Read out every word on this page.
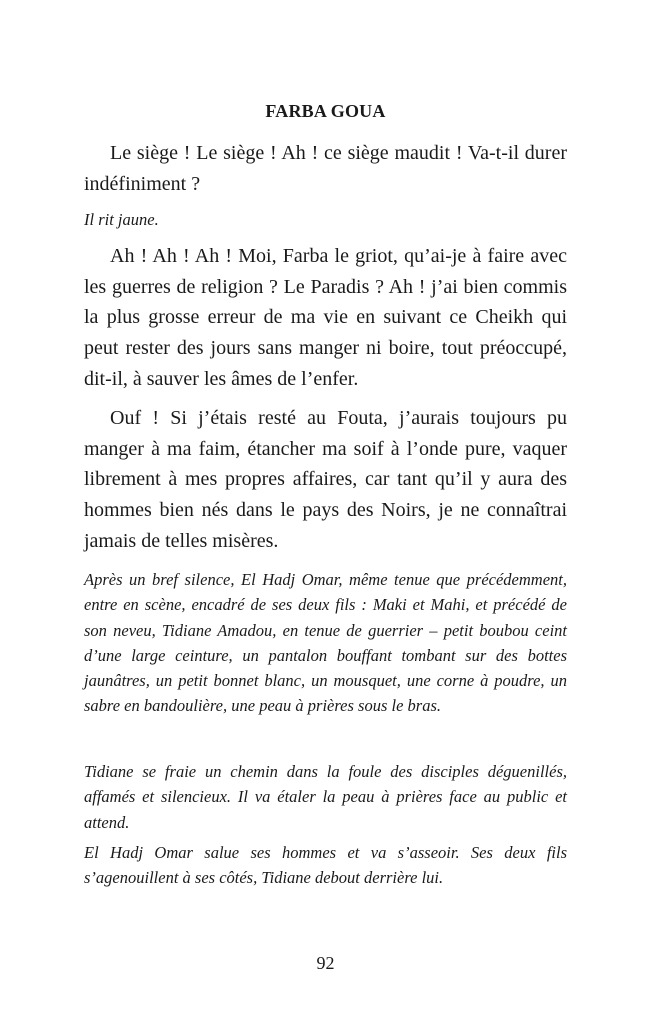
FARBA GOUA

Le siège ! Le siège ! Ah ! ce siège maudit ! Va-t-il durer indéfiniment ?

Il rit jaune.

Ah ! Ah ! Ah ! Moi, Farba le griot, qu’ai-je à faire avec les guerres de religion ? Le Paradis ? Ah ! j’ai bien commis la plus grosse erreur de ma vie en suivant ce Cheikh qui peut rester des jours sans manger ni boire, tout préoccupé, dit-il, à sauver les âmes de l’enfer.

Ouf ! Si j’étais resté au Fouta, j’aurais toujours pu manger à ma faim, étancher ma soif à l’onde pure, vaquer librement à mes propres affaires, car tant qu’il y aura des hommes bien nés dans le pays des Noirs, je ne connaîtrai jamais de telles misères.

Après un bref silence, El Hadj Omar, même tenue que précédemment, entre en scène, encadré de ses deux fils : Maki et Mahi, et précédé de son neveu, Tidiane Amadou, en tenue de guerrier – petit boubou ceint d’une large ceinture, un pantalon bouffant tombant sur des bottes jaunâtres, un petit bonnet blanc, un mousquet, une corne à poudre, un sabre en bandoulière, une peau à prières sous le bras.

Tidiane se fraie un chemin dans la foule des disciples déguenillés, affamés et silencieux. Il va étaler la peau à prières face au public et attend.

El Hadj Omar salue ses hommes et va s’asseoir. Ses deux fils s’agenouillent à ses côtés, Tidiane debout derrière lui.

92
